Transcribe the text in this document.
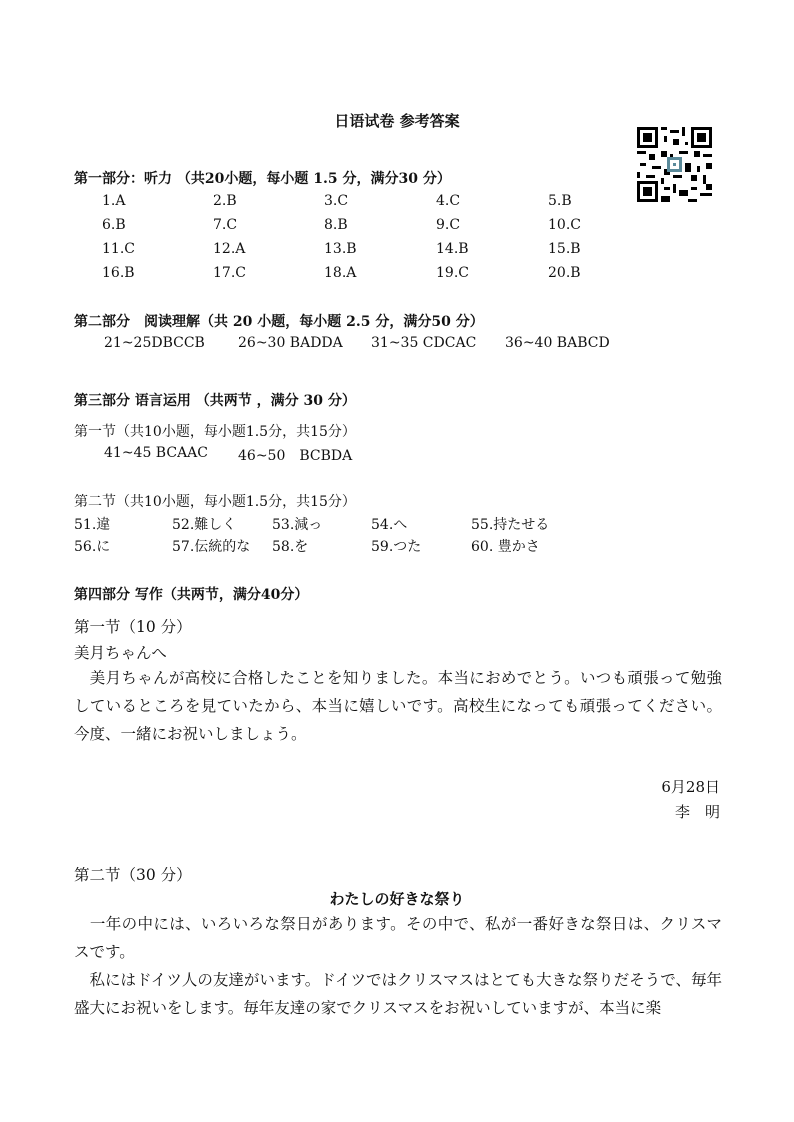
日语试卷 参考答案
第一部分：听力 （共20小题，每小题 1.5 分，满分30 分）
1.A	2.B	3.C	4.C	5.B
6.B	7.C	8.B	9.C	10.C
11.C	12.A	13.B	14.B	15.B
16.B	17.C	18.A	19.C	20.B
第二部分　阅读理解（共 20 小题，每小题 2.5 分，满分50 分）
21~25DBCCB 26~30 BADDA 31~35 CDCAC 36~40 BABCD
第三部分 语言运用 （共两节 ，满分 30 分）
第一节（共10小题，每小题1.5分，共15分）
41~45 BCAAC 46~50　BCBDA
第二节（共10小题，每小题1.5分，共15分）
51.違	52.難しく	53.減っ	54.へ	55.持たせる
56.に	57.伝統的な 58.を	59.つた	60. 豊かさ
第四部分 写作（共两节，满分40分）
第一节（10 分）
美月ちゃんへ
　美月ちゃんが高校に合格したことを知りました。本当におめでとう。いつも頑張って勉強しているところを見ていたから、本当に嬉しいです。高校生になっても頑張ってください。今度、一緒にお祝いしましょう。
6月28日
李　明
第二节（30 分）
わたしの好きな祭り
　一年の中には、いろいろな祭日があります。その中で、私が一番好きな祭日は、クリスマスです。
　私にはドイツ人の友達がいます。ドイツではクリスマスはとても大きな祭りだそうで、毎年盛大にお祝いをします。毎年友達の家でクリスマスをお祝いしていますが、本当に楽
